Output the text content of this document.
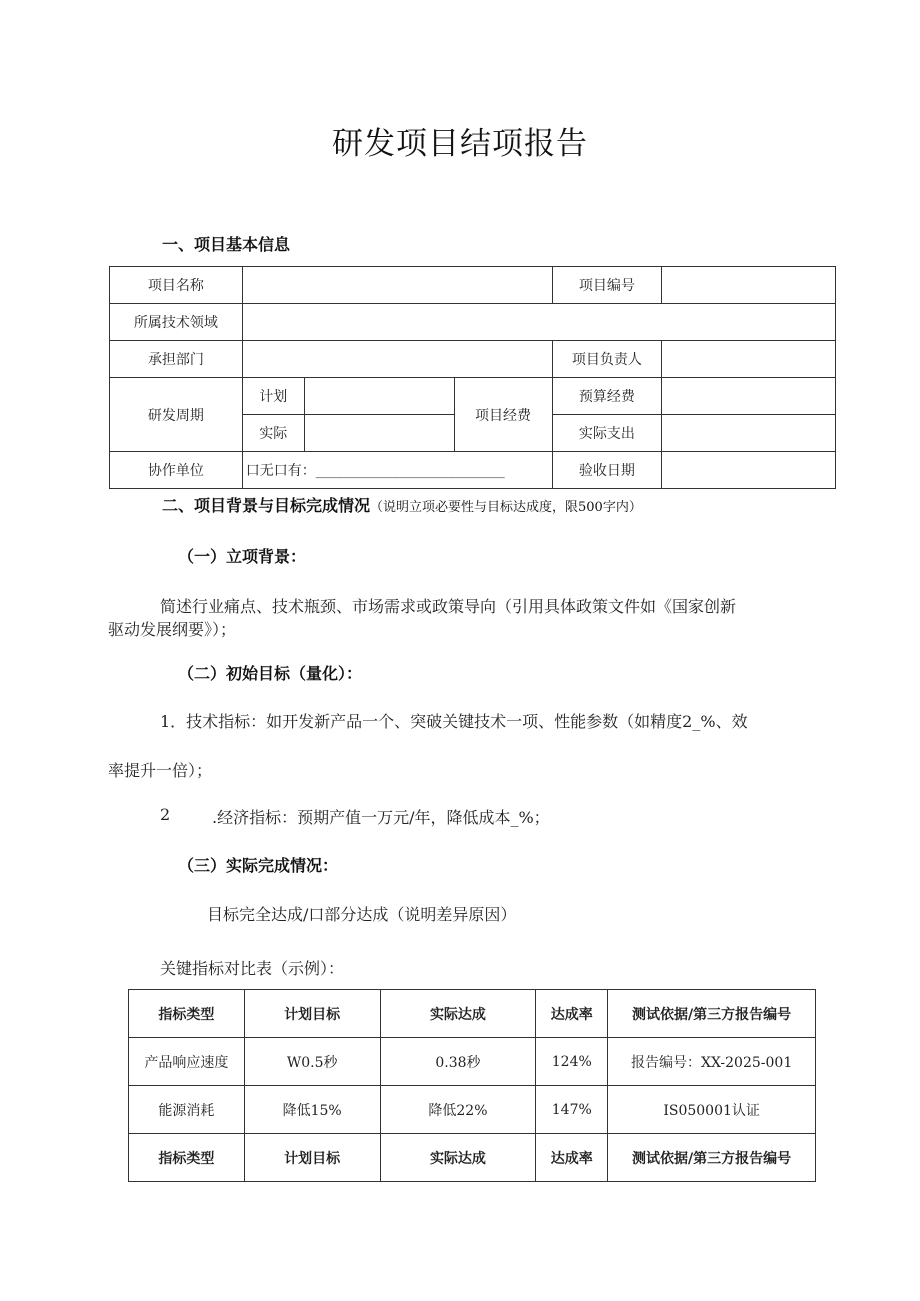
研发项目结项报告
一、项目基本信息
项目名称				项目编号	
所属技术领域					
承担部门				项目负责人	
研发周期	计划		项目经费	预算经费	
	实际			实际支出	
协作单位	口无口有：___________________________			验收日期	
二、项目背景与目标完成情况（说明立项必要性与目标达成度，限500字内）
（一）立项背景：
简述行业痛点、技术瓶颈、市场需求或政策导向（引用具体政策文件如《国家创新
驱动发展纲要》）；
（二）初始目标（量化）：
1．技术指标：如开发新产品一个、突破关键技术一项、性能参数（如精度2_%、效
率提升一倍）；
2	.经济指标：预期产值一万元/年，降低成本_%；
（三）实际完成情况：
目标完全达成/口部分达成（说明差异原因）
关键指标对比表（示例）：
指标类型	计划目标	实际达成	达成率	测试依据/第三方报告编号
产品响应速度	W0.5秒	0.38秒	124%	报告编号：XX-2025-001
能源消耗	降低15%	降低22%	147%	IS050001认证
指标类型	计划目标	实际达成	达成率	测试依据/第三方报告编号
